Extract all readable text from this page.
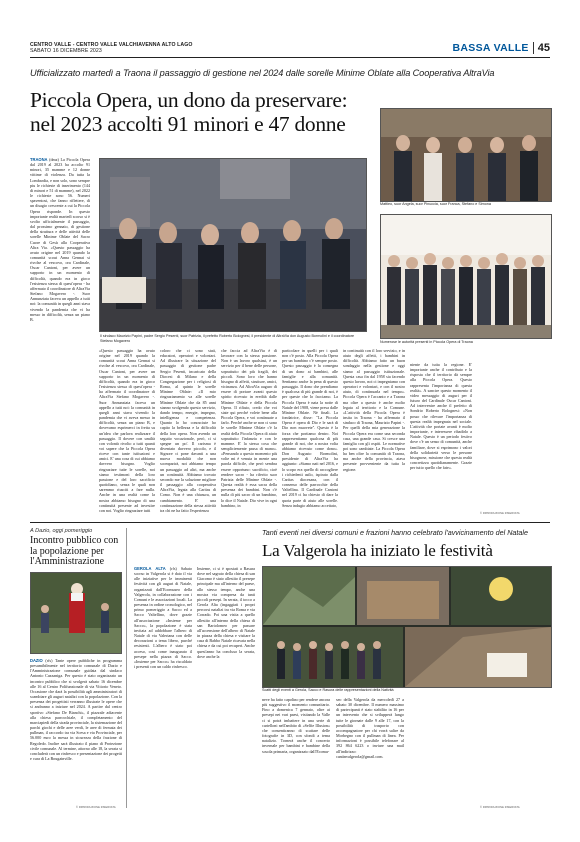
CENTRO VALLE - CENTRO VALLE VALCHIAVENNA ALTO LAGO
SABATO 16 DICEMBRE 2023	BASSA VALLE 45
Ufficializzato martedì a Traona il passaggio di gestione nel 2024 dalle sorelle Minime Oblate alla Cooperativa AltraVia
Piccola Opera, un dono da preservare: nel 2023 accolti 91 minori e 47 donne
TRAONA (dmz) La Piccola Opera dal 2019 al 2023 ha accolto 91 minori, 35 mamme e 12 donne vittime di violenza. Da tutta la Lombardia, e non solo, sono sempre piu le richieste di inserimento (144 di minori e 51 di mamme), nel 2022 le richieste sono 56. Numeri spaventosi, che fanno riflettere, di un disagio crescente a cui la Piccola Opera risponde. In questo importante realtà martedì scorso si è svolto ufficialmente il passaggio, dal prossimo gennaio, di gestione della struttura e delle attività delle sorelle Minime Oblate del Sacro Cuore di Gesù alla Cooperativa Altra Via. «Questo passaggio ha avuto origine nel 2019 quando la comunità scout Anna Gennai si rivolse al vescovo, ora Cardinale, Oscar Cantoni, per avere un supporto in un momento di difficoltà, quando era in gioco l'esistenza stessa di quest'opera - ha affermato il coordinatore di AltraVia Stefano Mogavero -. Suor Annunziata faceva un appello a tutti noi: la comunità in quegli anni stava vivendo la pandemia che vi ha messo in difficoltà, senza un piano B.
Il sindaco Maurizio Papini, padre Sergio Pesenti, suor Patrizia, il prefetto Roberto Bolognesi, il presidente di AltraVia don Augusto Bormolini e il coordinatore Stefano Mogavero
Mattieo, suor Angela, suor Pinuccia, suor Franca, Stefano e Simona
Numerose le autorità presenti in Piccola Opera di Traona
«Questo passaggio ha avuto origine nel 2019 quando la comunità scout Anna Gennai si rivolse al vescovo, ora Cardinale, Oscar Cantoni, per avere un supporto in un momento di difficoltà, quando era in gioco l'esistenza stessa di quest'opera - ha affermato il coordinatore di AltraVia Stefano Mogavero -. Suor Annunziata faceva un appello a tutti noi: la comunità in quegli anni stava vivendo la pandemia che vi aveva messo in difficoltà, senza un piano B, e dovevamo esprimerci in fretta su un'idea che parlava realizzare il passaggio. Il dovere con umiltà con volontà rivolto a tutti quanti voi sapere che la Piccola Opera riceve con tante istituzioni e amici. E' una cosa di cui abbiamo davvero bisogno. Voglio ringraziare tutte le sorelle, noi siamo testimoni della loro passione e del loro sacrificio quotidiano, senza le quali non saremmo riusciti a fare nulla. Anche in una realtà come la nostra abbiamo bisogno di una continuità presente ad investire con noi. Voglio ringraziare tutti
coloro che ci sono stati, educatori, operatori e volontari. Ad illustrare la situazione del passaggio di gestione padre Sergio Pesenti, incaricato della Diocesi di Milano e della Congregazione per i religiosi di Roma, al quinto le sorelle Minime Oblate: «Il mio ringraziamento va alle sorelle Minime Oblate che da 85 anni stanno svolgendo questo servizio, dando tempo, energie, impegno, intelligenza e competenza. Quanto lo ho conosciute ho capito la bellezza e la difficoltà della loro opera. Non avendo un seguito vocazionale, però, ci si spegne un po'. Il carisma è diventato davvero piccolo, e il Signore ci pone davanti a una nuova modalità che non scomparirà, noi abbiamo tempo un passaggio ad altri, ma anche un continuità. Abbiamo trovato secondo me la soluzione migliore il passaggio alla cooperativa AltraVia, legata alla Caritas di Como. Non è una chiusura, un cambiamento. E' una continuazione della stessa attività tra chi ne ha fatto l'esperienza
che faccia ad AltraVia è di lavorare con la stessa passione. Non è un lavoro qualsiasi, è un servizio per il bene delle persone, soprattutto dei più fragili, dei piccoli. Sono loro che hanno bisogno di affetti, strutture, amici, vicinanza. Ad AltraVia auguro di essere di portare avanti questo spirito ricevuto in eredità dalle Minime Oblate e della Piccola Opera. Il rifiuto, credo che voi siate qui perché volete bene alla Piccola Opera, e voi continuate a farlo. Perché anche se non ci sono le sorelle Minime Oblate c'è la realtà della Piccola Opera di aiuto soprattutto l'infanzia e con le mamme. E' la stessa cosa che sempliciemente passa di mano». «Pensando a questo momento più volte mi è venuta in mente una parola difficile, che però sembra essere opportuno: sacrificio, cioè rendere sacro - ha riferito suor Patrizia delle Minime Oblate -. Questa realtà è essa sacra della presenza dei bambini. Non c'è nulla di più sacro di un bambino, lo dice il Natale. Dio vive in ogni bambino, in
particolare in quelli per i quali non c'è posto. Alla Piccola Opera per un bambino c'è sempre posto. Questo passaggio è la consegna di un dono ai bambini, alle famiglie e alla comunità. Sentiamo anche la pena di questo passaggio. Il dono che prendiamo è qualcosa di più grande di noi, è per queste che lo facciamo. La Piccola Opera è nata la notte di Natale del 1908, viene presa dalle Minime Oblate. Nè finali. La fondatrice, disse: "La Piccola Opera è opera di Dio e le sarà di Dio non muovete". Questo è la forza che portiamo dentro. Noi rappresentiamo qualcosa di più grande di noi, che a nostra volta abbiamo ricevuto come dono». Don Augusto Bormolini, presidente di AltraVia ha aggiunto: «Siamo nati nel 2016, e lo scopo era quello di raccogliere i richiedenti asilo, ispirato dalla Caritas diocesana, con il consenso delle parrocchie della Valtellina. Il Cardinale Cantoni nel 2019 ci ha chiesto di dare la quota parte di aiuto alle sorelle. Senza indugio abbiamo accettato,
in continuità con il loro servizio, e in aiuto degli affetti, i bambini in difficoltà. Abbiamo fatto un buon sondaggio nella gestione e oggi siamo al passaggio istituzionale. Questa casa fin dal 1958 sia facendo questo lavoro, noi ci impegniamo con operatori e volontari, e con il nostro aiuto, di continuarla nel tempo». Piccola Opera è l'accanto e a Traona ma oltre a questo è anche molto legata al territorio e la Comune. «L'attività della Piccola Opera è insita in Traona - ha affermato il sindaco di Traona, Maurizio Papini -. Per quelli della mia generazione la Piccola Opera era come una seconda casa, una grande casa. Si cresce una famiglia con gli ospiti. Le normative poi sono cambiate. La Piccola Opera ha ben oltre la comunità di Traona, ma anche della provincia, atava presente provveniente da tutta la regione.
niente da tutta la regione. E' importante anche il contributo e la risposta che il territorio dà sempre alla Piccola Opera. Questo rappresenta l'importanza di questa realtà». A sancire questo momento il video messaggio di auguri per il futuro del Cardinale Oscar Cantoni. Ad intervenire anche il prefetto di Sondrio Roberto Bolognesi: «Non posso che rilevare l'importanza di questa realtà impegnata nel sociale. L'attività che portate avanti è molto importante, e interessere ribadirlo a Natale. Questo è un periodo festivo dove c'è un senso di comunità, anche familiare, dove si esprimono i valori della solidarietà verso le persone bisognose, missione che questa realtà concretizza quotidianamente. Grazie per tutto quello che fate».
© RIPRODUZIONE RISERVATA
A Dazio, oggi pomeriggio
Incontro pubblico con la popolazione per l'Amministrazione
DAZIO (rfs) Tante opere pubbliche in programma presumibilmente nel territorio comunale di Dazio e l'Amministrazione comunale guidata dal sindaco Antonio Cazzaniga. Per questo è stato organizzato un incontro pubblico che si svolgerà sabato 16 dicembre alle 16 al Centro Polifunzionale di via Vittorio Veneto. Occasione che darà la possibilità agli amministratori di scambiare gli auguri natalizi con la popolazione. Con la presenza dei progettisti verranno illustrate le opere che si andranno a iniziare nel 2024. A partire dal centro sportivo «Stefano De Bianchi», il piazzale adiacente alla chiesa parrocchiale, il completamento del marciapiedi della strada provinciale, la sistemazione del parchi giochi e delle aree verdi, le aree di fermata dei pullman, il raccordo tra via Scesa e via Provinciale, per 56.000 euro la messa in sicurezza della frazione di Regoledo. Inoltre sarà illustrato il piano di Protezione civile comunale. Al termine, attorno alle 18, la serata si concluderà con un rinfresco e presentazione dei progetti e cura di La Bougainville.
© RIPRODUZIONE RISERVATA
Tanti eventi nei diversi comuni e frazioni hanno celebrato l'avvicinamento del Natale
La Valgerola ha iniziato le festività
GEROLA ALTA (rfs) Sabato scorso in Valgerola si è dato il via alle iniziative per le imminenti festività con gli auguri di Natale, organizzati dall'Ecomuseo della Valgerola, in collaborazione con i Comuni e le associazioni locali. La presenza in ordine cronologico, nel primo pomeriggio a Sacco ed a Sacco Valtellino, dove grazie all'associazione «Insieme per Sacco», la popolazione è stata invitata ad addobbare l'albero di Natale di via Valeriana con delle decorazioni a tema libero, purché resistenti. L'albero è stato poi acceso, cosi come inaugurato il presepe nella piazza di Sacco. «Insieme per Sacco» ha riscaldato i presenti con un caldo rinfresco.
Insieme, ci si è spostati a Rasura dove nel sagrato della chiesa di san Giacomo è stato allestito il presepe principale ma all'interno del paese, allo stesso tempo, anche una mostra via compresa da tanti piccoli presepi. In serata, il tocco a Gerola Alta (ingaggiati i propri percorsi natalizi tra via Roma e via Corrado. Poi una visita a quello allestito all'interno della chiesa di san Bartolomeo per passare all'accensione dell'albero di Natale in piazza della chiesa e visitare la casa di Babbo Natale ricavata nella chiesa e da cui poi recuperi. Anche quest'anno ha concluso la serata, dove anche la
Scatti degli eventi a Gerola, Sacco e Rasura delle rappresentazioni della Natività
neve ha fatto capolino per rendere ancora più suggestivo il momento comunitario. Fino a domenica 7 gennaio, oltre ai presepi nei vari paesi, visitando la Valle ci si potrà imbattere in una serie di cartelloni nell'ambito di «Selfie Illusion» che consentiranno di scattare delle fotografie in 3D, con sfondi a tema natalizio. Tornerà anche il concerto invernale per bambini e bambine della scuola primaria, organizzato dall'Ecomu-
seo della Valgerola da mercoledì 27 a sabato 30 dicembre. Il numero massimo di partecipanti è stato stabilito in 16 per un intervento che si svilupperà lungo tutte le giornate dalle 9 alle 17, con la possibilità di trasporto con accompagnatore per chi vorrà salire da Morbegno con il pullman di linea. Per informazioni è possibile telefonare al 392 864 6223 o inviare una mail all'indirizzo: cantinvalgerola@gmail.com.
© RIPRODUZIONE RISERVATA
